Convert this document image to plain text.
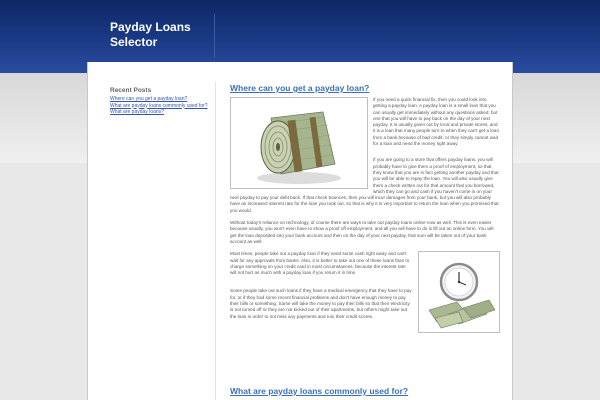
Payday Loans
Selector
Recent Posts
Where can you get a payday loan?
What are payday loans commonly used for?
What are payday loans?
Where can you get a payday loan?

If you need a quick financial fix, then you could look into getting a payday loan. A payday loan is a small loan that you can usually get immediately without any questions asked, but one that you will have to pay back on the day of your next payday. It is usually given out by local and private stores, and it is a loan that many people turn to when they can't get a loan from a bank because of bad credit, or they simply cannot wait for a loan and need the money right away.

If you are going to a store that offers payday loans, you will probably have to give them a proof of employment, so that they know that you are in fact getting another payday and that you will be able to repay the loan. You will also usually give them a check written out for that amount that you borrowed, which they can go and cash if you haven't come in on your next payday to pay your debt back. If that check bounces, then you will incur damages from your bank, but you will also probably have an increased interest rate for the loan you took out, so that is why it is very important to return the loan when you promised that you would.

Without today's reliance on technology, of course there are ways to take out payday loans online now as well. This is even easier because usually, you won't even have to show a proof off employment, and all you will have to do is fill out an online form. You will get the loan deposited into your bank account and then on the day of your next payday, that sum will be taken out of your bank account as well.

Most times, people take out a payday loan if they need some cash right away and can't wait for any approvals from banks. Also, it is better to take out one of these loans than to charge something on your credit card in most circumstances, because the interest rate will not hurt as much with a payday loan if you return it in time.

Some people take out such loans if they have a medical emergency that they have to pay for, or if they had some recent financial problems and don't have enough money to pay their bills or something. Some will take the money to pay their bills so that their electricity is not turned off or they are not kicked out of their apartments, but others might take out the loan in order to not miss any payments and ruin their credit scores.

What are payday loans commonly used for?
